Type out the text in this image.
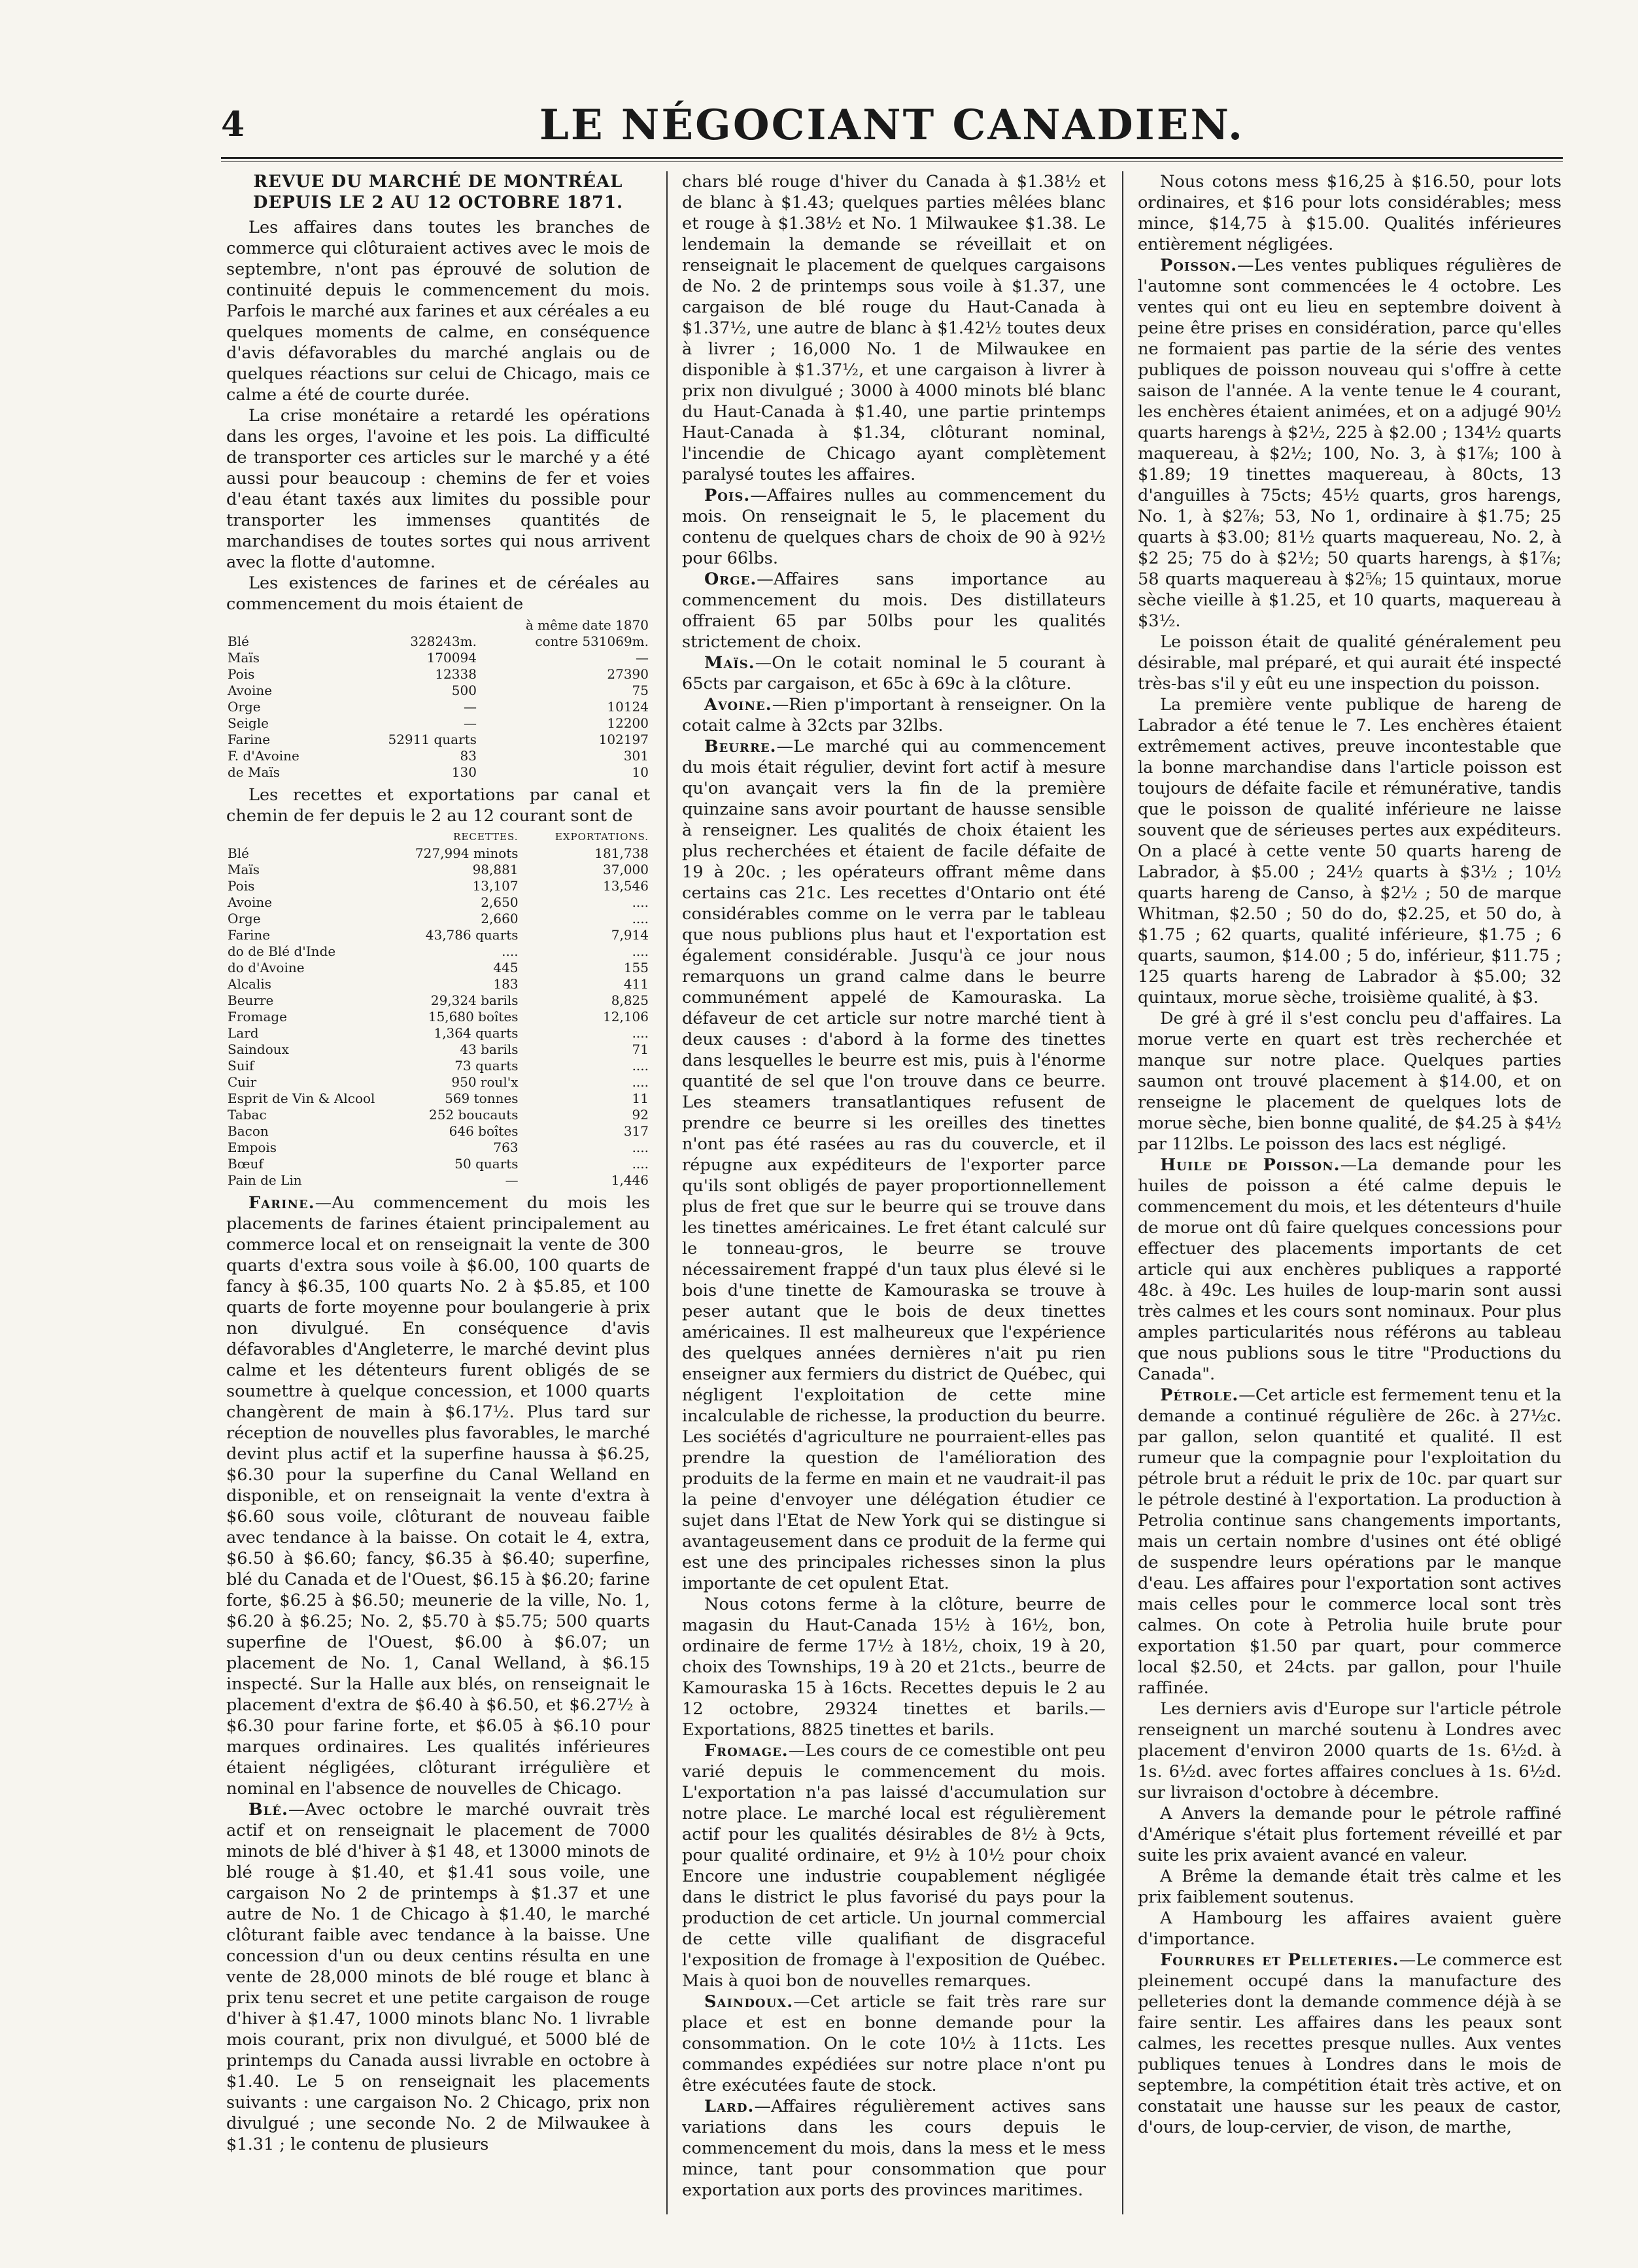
4	LE NÉGOCIANT CANADIEN.
REVUE DU MARCHÉ DE MONTRÉAL DEPUIS LE 2 AU 12 OCTOBRE 1871.

Les affaires dans toutes les branches de commerce qui clôturaient actives avec le mois de septembre, n'ont pas éprouvé de solution de continuité depuis le commencement du mois. Parfois le marché aux farines et aux céréales a eu quelques moments de calme, en conséquence d'avis défavorables du marché anglais ou de quelques réactions sur celui de Chicago, mais ce calme a été de courte durée.

La crise monétaire a retardé les opérations dans les orges, l'avoine et les pois. La difficulté de transporter ces articles sur le marché y a été aussi pour beaucoup : chemins de fer et voies d'eau étant taxés aux limites du possible pour transporter les immenses quantités de marchandises de toutes sortes qui nous arrivent avec la flotte d'automne.

Les existences de farines et de céréales au commencement du mois étaient de

		à même date 1870
Blé	328243m.	contre 531069m.
Maïs	170094	—
Pois	12338	27390
Avoine	500	75
Orge	—	10124
Seigle	—	12200
Farine	52911 quarts	102197
F. d'Avoine	83	301
de Maïs	130	10

Les recettes et exportations par canal et chemin de fer depuis le 2 au 12 courant sont de

	RECETTES.	EXPORTATIONS.
Blé	727,994 minots	181,738
Maïs	98,881	37,000
Pois	13,107	13,546
Avoine	2,650	....
Orge	2,660	....
Farine	43,786 quarts	7,914
do de Blé d'Inde	....	....
do d'Avoine	445	155
Alcalis	183	411
Beurre	29,324 barils	8,825
Fromage	15,680 boîtes	12,106
Lard	1,364 quarts	....
Saindoux	43 barils	71
Suif	73 quarts	....
Cuir	950 roul'x	....
Esprit de Vin & Alcool	569 tonnes	11
Tabac	252 boucauts	92
Bacon	646 boîtes	317
Empois	763	....
Bœuf	50 quarts	....
Pain de Lin	—	1,446

Farine.—Au commencement du mois les placements de farines étaient principalement au commerce local et on renseignait la vente de 300 quarts d'extra sous voile à $6.00, 100 quarts de fancy à $6.35, 100 quarts No. 2 à $5.85, et 100 quarts de forte moyenne pour boulangerie à prix non divulgué. En conséquence d'avis défavorables d'Angleterre, le marché devint plus calme et les détenteurs furent obligés de se soumettre à quelque concession, et 1000 quarts changèrent de main à $6.17½. Plus tard sur réception de nouvelles plus favorables, le marché devint plus actif et la superfine haussa à $6.25, $6.30 pour la superfine du Canal Welland en disponible, et on renseignait la vente d'extra à $6.60 sous voile, clôturant de nouveau faible avec tendance à la baisse. On cotait le 4, extra, $6.50 à $6.60; fancy, $6.35 à $6.40; superfine, blé du Canada et de l'Ouest, $6.15 à $6.20; farine forte, $6.25 à $6.50; meunerie de la ville, No. 1, $6.20 à $6.25; No. 2, $5.70 à $5.75; 500 quarts superfine de l'Ouest, $6.00 à $6.07; un placement de No. 1, Canal Welland, à $6.15 inspecté. Sur la Halle aux blés, on renseignait le placement d'extra de $6.40 à $6.50, et $6.27½ à $6.30 pour farine forte, et $6.05 à $6.10 pour marques ordinaires. Les qualités inférieures étaient négligées, clôturant irrégulière et nominal en l'absence de nouvelles de Chicago.

Blé.—Avec octobre le marché ouvrait très actif et on renseignait le placement de 7000 minots de blé d'hiver à $1 48, et 13000 minots de blé rouge à $1.40, et $1.41 sous voile, une cargaison No 2 de printemps à $1.37 et une autre de No. 1 de Chicago à $1.40, le marché clôturant faible avec tendance à la baisse. Une concession d'un ou deux centins résulta en une vente de 28,000 minots de blé rouge et blanc à prix tenu secret et une petite cargaison de rouge d'hiver à $1.47, 1000 minots blanc No. 1 livrable mois courant, prix non divulgué, et 5000 blé de printemps du Canada aussi livrable en octobre à $1.40. Le 5 on renseignait les placements suivants : une cargaison No. 2 Chicago, prix non divulgué ; une seconde No. 2 de Milwaukee à $1.31 ; le contenu de plusieurs

chars blé rouge d'hiver du Canada à $1.38½ et de blanc à $1.43; quelques parties mêlées blanc et rouge à $1.38½ et No. 1 Milwaukee $1.38. Le lendemain la demande se réveillait et on renseignait le placement de quelques cargaisons de No. 2 de printemps sous voile à $1.37, une cargaison de blé rouge du Haut-Canada à $1.37½, une autre de blanc à $1.42½ toutes deux à livrer ; 16,000 No. 1 de Milwaukee en disponible à $1.37½, et une cargaison à livrer à prix non divulgué ; 3000 à 4000 minots blé blanc du Haut-Canada à $1.40, une partie printemps Haut-Canada à $1.34, clôturant nominal, l'incendie de Chicago ayant complètement paralysé toutes les affaires.

Pois.—Affaires nulles au commencement du mois. On renseignait le 5, le placement du contenu de quelques chars de choix de 90 à 92½ pour 66lbs.

Orge.—Affaires sans importance au commencement du mois. Des distillateurs offraient 65 par 50lbs pour les qualités strictement de choix.

Maïs.—On le cotait nominal le 5 courant à 65cts par cargaison, et 65c à 69c à la clôture.

Avoine.—Rien p'important à renseigner. On la cotait calme à 32cts par 32lbs.

Beurre.—Le marché qui au commencement du mois était régulier, devint fort actif à mesure qu'on avançait vers la fin de la première quinzaine sans avoir pourtant de hausse sensible à renseigner. Les qualités de choix étaient les plus recherchées et étaient de facile défaite de 19 à 20c. ; les opérateurs offrant même dans certains cas 21c. Les recettes d'Ontario ont été considérables comme on le verra par le tableau que nous publions plus haut et l'exportation est également considérable. Jusqu'à ce jour nous remarquons un grand calme dans le beurre communément appelé de Kamouraska. La défaveur de cet article sur notre marché tient à deux causes : d'abord à la forme des tinettes dans lesquelles le beurre est mis, puis à l'énorme quantité de sel que l'on trouve dans ce beurre. Les steamers transatlantiques refusent de prendre ce beurre si les oreilles des tinettes n'ont pas été rasées au ras du couvercle, et il répugne aux expéditeurs de l'exporter parce qu'ils sont obligés de payer proportionnellement plus de fret que sur le beurre qui se trouve dans les tinettes américaines. Le fret étant calculé sur le tonneau-gros, le beurre se trouve nécessairement frappé d'un taux plus élevé si le bois d'une tinette de Kamouraska se trouve à peser autant que le bois de deux tinettes américaines. Il est malheureux que l'expérience des quelques années dernières n'ait pu rien enseigner aux fermiers du district de Québec, qui négligent l'exploitation de cette mine incalculable de richesse, la production du beurre. Les sociétés d'agriculture ne pourraient-elles pas prendre la question de l'amélioration des produits de la ferme en main et ne vaudrait-il pas la peine d'envoyer une délégation étudier ce sujet dans l'Etat de New York qui se distingue si avantageusement dans ce produit de la ferme qui est une des principales richesses sinon la plus importante de cet opulent Etat.

Nous cotons ferme à la clôture, beurre de magasin du Haut-Canada 15½ à 16½, bon, ordinaire de ferme 17½ à 18½, choix, 19 à 20, choix des Townships, 19 à 20 et 21cts., beurre de Kamouraska 15 à 16cts. Recettes depuis le 2 au 12 octobre, 29324 tinettes et barils.—Exportations, 8825 tinettes et barils.

Fromage.—Les cours de ce comestible ont peu varié depuis le commencement du mois. L'exportation n'a pas laissé d'accumulation sur notre place. Le marché local est régulièrement actif pour les qualités désirables de 8½ à 9cts, pour qualité ordinaire, et 9½ à 10½ pour choix Encore une industrie coupablement négligée dans le district le plus favorisé du pays pour la production de cet article. Un journal commercial de cette ville qualifiant de disgraceful l'exposition de fromage à l'exposition de Québec. Mais à quoi bon de nouvelles remarques.

Saindoux.—Cet article se fait très rare sur place et est en bonne demande pour la consommation. On le cote 10½ à 11cts. Les commandes expédiées sur notre place n'ont pu être exécutées faute de stock.

Lard.—Affaires régulièrement actives sans variations dans les cours depuis le commencement du mois, dans la mess et le mess mince, tant pour consommation que pour exportation aux ports des provinces maritimes.

Nous cotons mess $16,25 à $16.50, pour lots ordinaires, et $16 pour lots considérables; mess mince, $14,75 à $15.00. Qualités inférieures entièrement négligées.

Poisson.—Les ventes publiques régulières de l'automne sont commencées le 4 octobre. Les ventes qui ont eu lieu en septembre doivent à peine être prises en considération, parce qu'elles ne formaient pas partie de la série des ventes publiques de poisson nouveau qui s'offre à cette saison de l'année. A la vente tenue le 4 courant, les enchères étaient animées, et on a adjugé 90½ quarts harengs à $2½, 225 à $2.00 ; 134½ quarts maquereau, à $2½; 100, No. 3, à $1⅞; 100 à $1.89; 19 tinettes maquereau, à 80cts, 13 d'anguilles à 75cts; 45½ quarts, gros harengs, No. 1, à $2⅞; 53, No 1, ordinaire à $1.75; 25 quarts à $3.00; 81½ quarts maquereau, No. 2, à $2 25; 75 do à $2½; 50 quarts harengs, à $1⅞; 58 quarts maquereau à $2⅝; 15 quintaux, morue sèche vieille à $1.25, et 10 quarts, maquereau à $3½.

Le poisson était de qualité généralement peu désirable, mal préparé, et qui aurait été inspecté très-bas s'il y eût eu une inspection du poisson.

La première vente publique de hareng de Labrador a été tenue le 7. Les enchères étaient extrêmement actives, preuve incontestable que la bonne marchandise dans l'article poisson est toujours de défaite facile et rémunérative, tandis que le poisson de qualité inférieure ne laisse souvent que de sérieuses pertes aux expéditeurs. On a placé à cette vente 50 quarts hareng de Labrador, à $5.00 ; 24½ quarts à $3½ ; 10½ quarts hareng de Canso, à $2½ ; 50 de marque Whitman, $2.50 ; 50 do do, $2.25, et 50 do, à $1.75 ; 62 quarts, qualité inférieure, $1.75 ; 6 quarts, saumon, $14.00 ; 5 do, inférieur, $11.75 ; 125 quarts hareng de Labrador à $5.00; 32 quintaux, morue sèche, troisième qualité, à $3.

De gré à gré il s'est conclu peu d'affaires. La morue verte en quart est très recherchée et manque sur notre place. Quelques parties saumon ont trouvé placement à $14.00, et on renseigne le placement de quelques lots de morue sèche, bien bonne qualité, de $4.25 à $4½ par 112lbs. Le poisson des lacs est négligé.

Huile de Poisson.—La demande pour les huiles de poisson a été calme depuis le commencement du mois, et les détenteurs d'huile de morue ont dû faire quelques concessions pour effectuer des placements importants de cet article qui aux enchères publiques a rapporté 48c. à 49c. Les huiles de loup-marin sont aussi très calmes et les cours sont nominaux. Pour plus amples particularités nous référons au tableau que nous publions sous le titre "Productions du Canada".

Pétrole.—Cet article est fermement tenu et la demande a continué régulière de 26c. à 27½c. par gallon, selon quantité et qualité. Il est rumeur que la compagnie pour l'exploitation du pétrole brut a réduit le prix de 10c. par quart sur le pétrole destiné à l'exportation. La production à Petrolia continue sans changements importants, mais un certain nombre d'usines ont été obligé de suspendre leurs opérations par le manque d'eau. Les affaires pour l'exportation sont actives mais celles pour le commerce local sont très calmes. On cote à Petrolia huile brute pour exportation $1.50 par quart, pour commerce local $2.50, et 24cts. par gallon, pour l'huile raffinée.

Les derniers avis d'Europe sur l'article pétrole renseignent un marché soutenu à Londres avec placement d'environ 2000 quarts de 1s. 6½d. à 1s. 6½d. avec fortes affaires conclues à 1s. 6½d. sur livraison d'octobre à décembre.

A Anvers la demande pour le pétrole raffiné d'Amérique s'était plus fortement réveillé et par suite les prix avaient avancé en valeur.

A Brême la demande était très calme et les prix faiblement soutenus.

A Hambourg les affaires avaient guère d'importance.

Fourrures et Pelleteries.—Le commerce est pleinement occupé dans la manufacture des pelleteries dont la demande commence déjà à se faire sentir. Les affaires dans les peaux sont calmes, les recettes presque nulles. Aux ventes publiques tenues à Londres dans le mois de septembre, la compétition était très active, et on constatait une hausse sur les peaux de castor, d'ours, de loup-cervier, de vison, de marthe,
